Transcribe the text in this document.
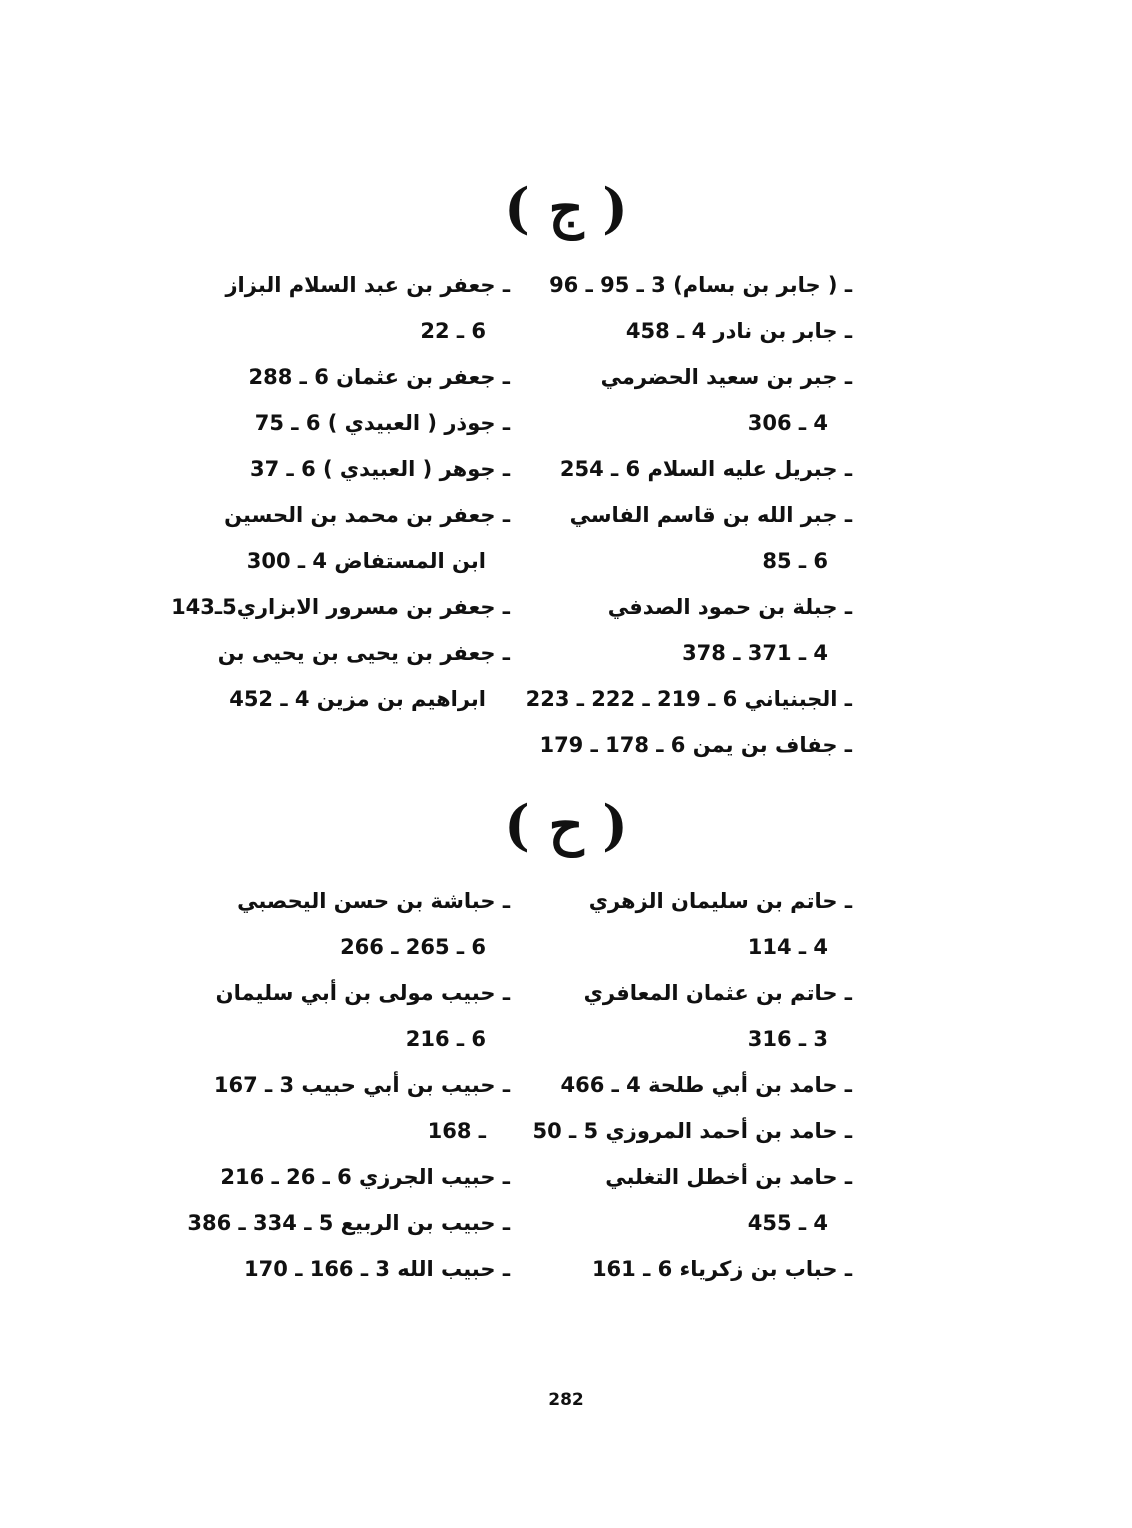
( ج )
ـ ( جابر بن بسام) 3 ـ 95 ـ 96
ـ جابر بن نادر 4 ـ 458
ـ جبر بن سعيد الحضرمي
4 ـ 306
ـ جبريل عليه السلام 6 ـ 254
ـ جبر الله بن قاسم الفاسي
6 ـ 85
ـ جبلة بن حمود الصدفي
4 ـ 371 ـ 378
ـ الجبنياني 6 ـ 219 ـ 222 ـ 223
ـ جفاف بن يمن 6 ـ 178 ـ 179
ـ جعفر بن عبد السلام البزاز
6 ـ 22
ـ جعفر بن عثمان 6 ـ 288
ـ جوذر ( العبيدي ) 6 ـ 75
ـ جوهر ( العبيدي ) 6 ـ 37
ـ جعفر بن محمد بن الحسين
ابن المستفاض 4 ـ 300
ـ جعفر بن مسرور الابزاري5ـ143
ـ جعفر بن يحيى بن يحيى بن
ابراهيم بن مزين 4 ـ 452
( ح )
ـ حاتم بن سليمان الزهري
4 ـ 114
ـ حاتم بن عثمان المعافري
3 ـ 316
ـ حامد بن أبي طلحة 4 ـ 466
ـ حامد بن أحمد المروزي 5 ـ 50
ـ حامد بن أخطل التغلبي
4 ـ 455
ـ حباب بن زكرياء 6 ـ 161
ـ حباشة بن حسن اليحصبي
6 ـ 265 ـ 266
ـ حبيب مولى بن أبي سليمان
6 ـ 216
ـ حبيب بن أبي حبيب 3 ـ 167
ـ 168
ـ حبيب الجرزي 6 ـ 26 ـ 216
ـ حبيب بن الربيع 5 ـ 334 ـ 386
ـ حبيب الله 3 ـ 166 ـ 170
282
